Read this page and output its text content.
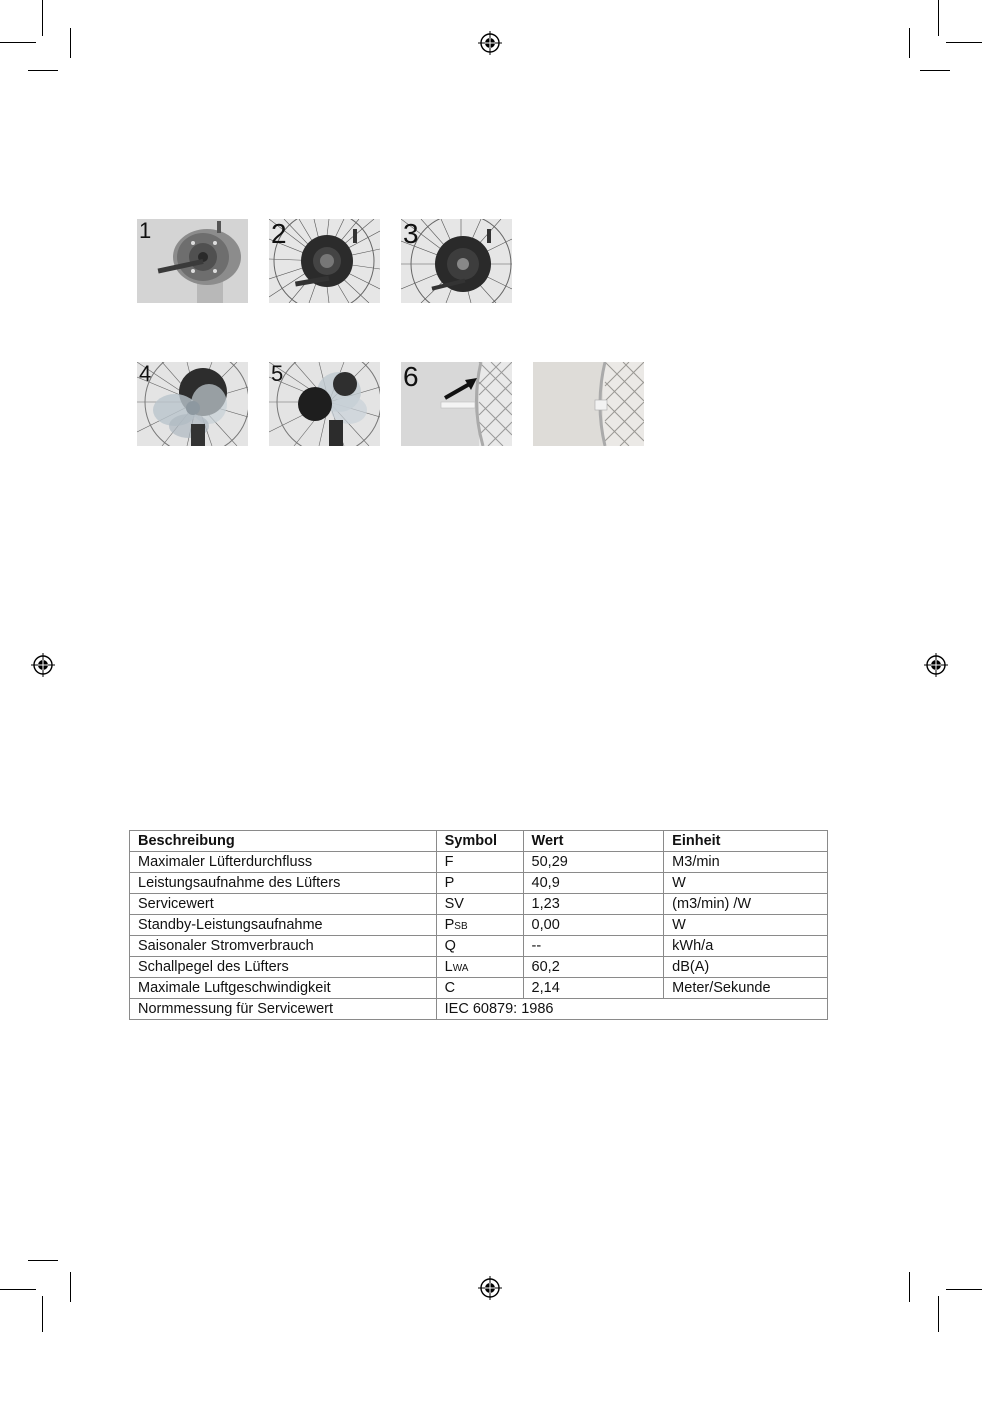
1	2	3
4	5	6
Beschreibung	Symbol	Wert	Einheit
Maximaler Lüfterdurchfluss	F	50,29	M3/min
Leistungsaufnahme des Lüfters	P	40,9	W
Servicewert	SV	1,23	(m3/min) /W
Standby-Leistungsaufnahme	PSB	0,00	W
Saisonaler Stromverbrauch	Q	--	kWh/a
Schallpegel des Lüfters	LWA	60,2	dB(A)
Maximale Luftgeschwindigkeit	C	2,14	Meter/Sekunde
Normmessung für Servicewert	IEC 60879: 1986		
